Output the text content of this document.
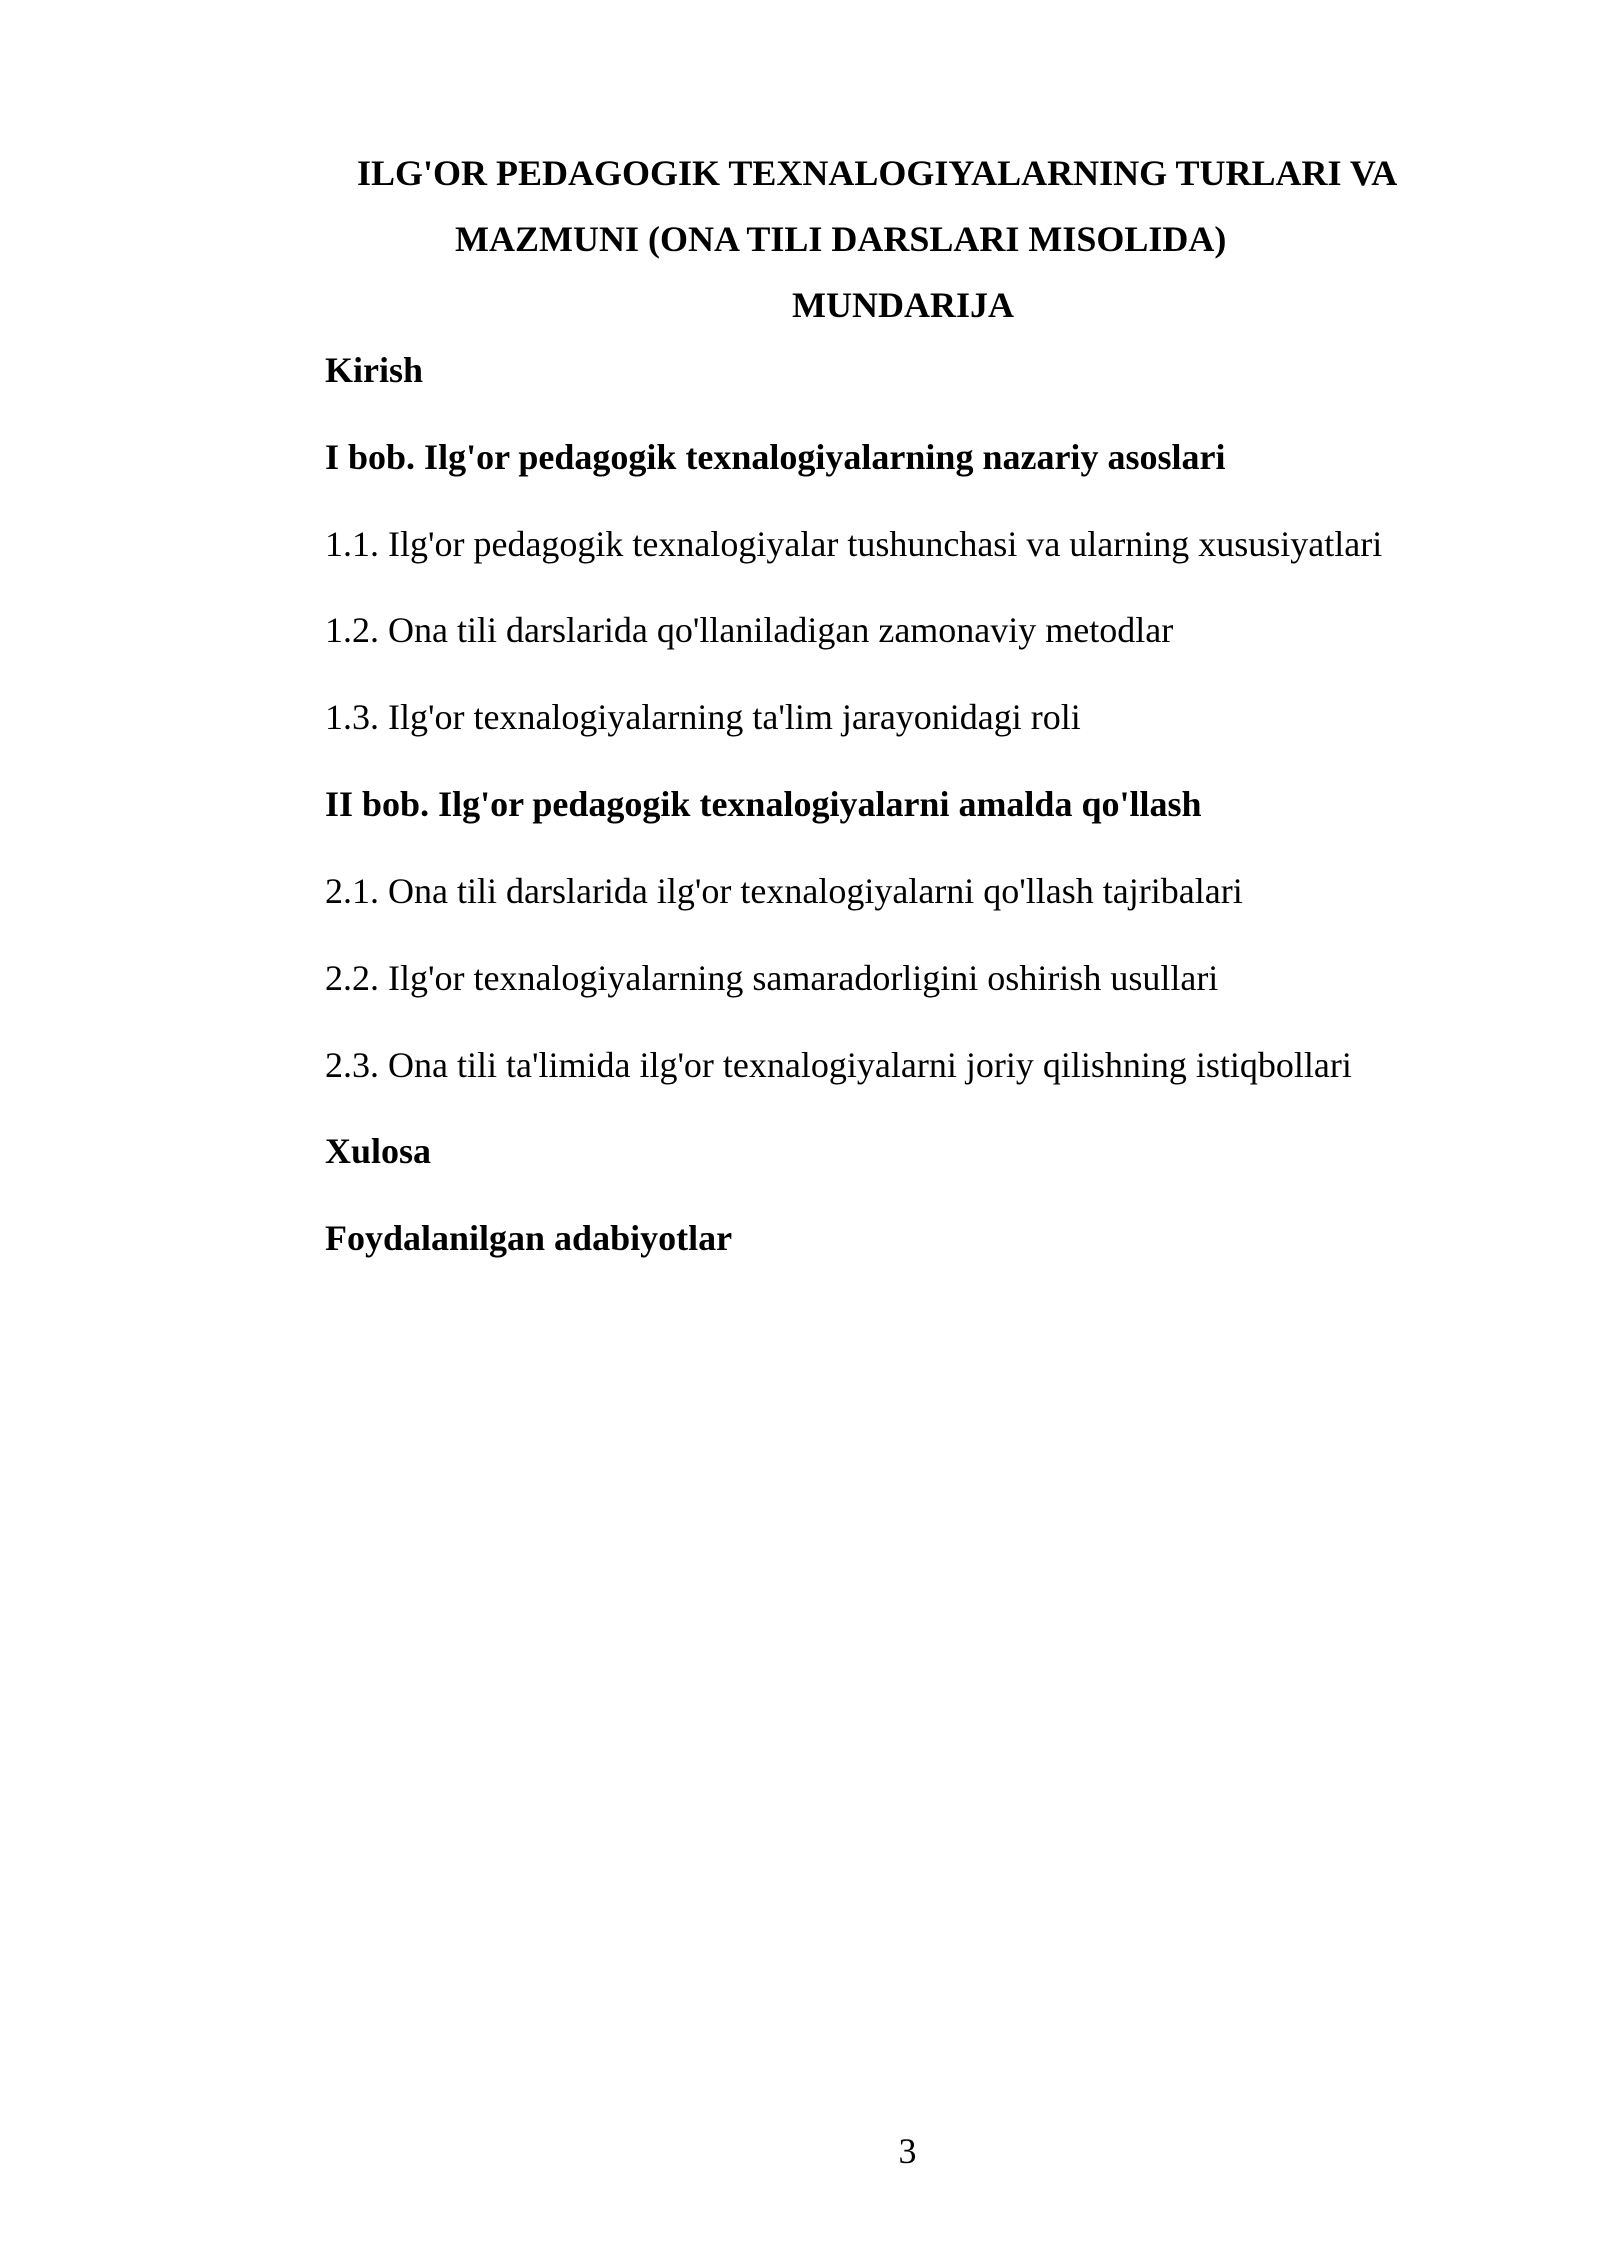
ILG'OR PEDAGOGIK TEXNALOGIYALARNING TURLARI VA
MAZMUNI (ONA TILI DARSLARI MISOLIDA)
MUNDARIJA
Kirish
I bob. Ilg'or pedagogik texnalogiyalarning nazariy asoslari
1.1. Ilg'or pedagogik texnalogiyalar tushunchasi va ularning xususiyatlari
1.2. Ona tili darslarida qo'llaniladigan zamonaviy metodlar
1.3. Ilg'or texnalogiyalarning ta'lim jarayonidagi roli
II bob. Ilg'or pedagogik texnalogiyalarni amalda qo'llash
2.1. Ona tili darslarida ilg'or texnalogiyalarni qo'llash tajribalari
2.2. Ilg'or texnalogiyalarning samaradorligini oshirish usullari
2.3. Ona tili ta'limida ilg'or texnalogiyalarni joriy qilishning istiqbollari
Xulosa
Foydalanilgan adabiyotlar
3
